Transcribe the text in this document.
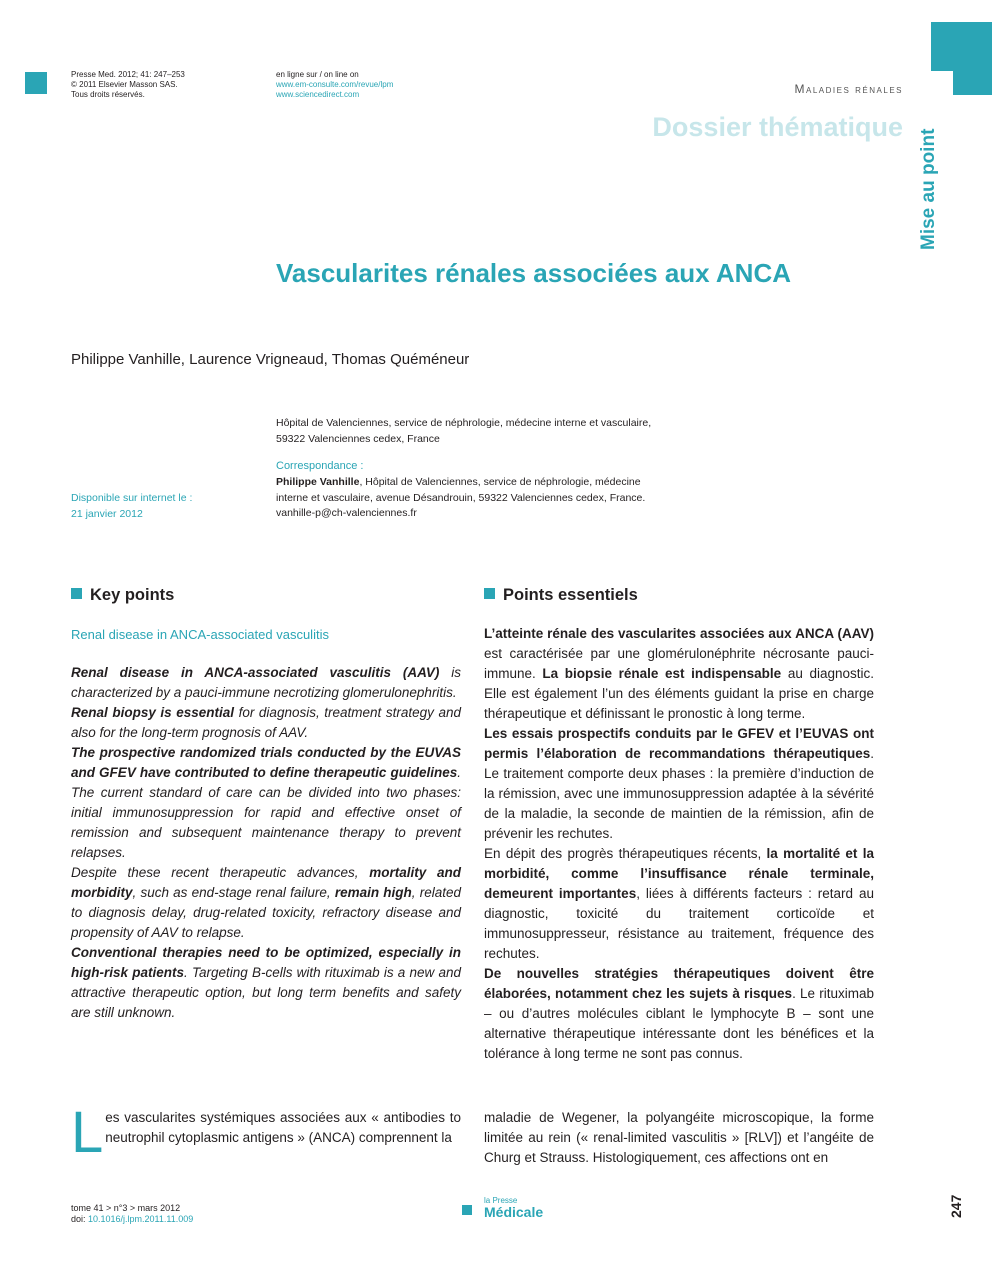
Presse Med. 2012; 41: 247–253
© 2011 Elsevier Masson SAS.
Tous droits réservés.
en ligne sur / on line on
www.em-consulte.com/revue/lpm
www.sciencedirect.com	Maladies rénales
Dossier thématique
Mise au point
Vascularites rénales associées aux ANCA
Philippe Vanhille, Laurence Vrigneaud, Thomas Quéméneur
Hôpital de Valenciennes, service de néphrologie, médecine interne et vasculaire,
59322 Valenciennes cedex, France
Correspondance :
Philippe Vanhille, Hôpital de Valenciennes, service de néphrologie, médecine
interne et vasculaire, avenue Désandrouin, 59322 Valenciennes cedex, France.
vanhille-p@ch-valenciennes.fr
Disponible sur internet le :
21 janvier 2012
Key points	Points essentiels
Renal disease in ANCA-associated vasculitis

Renal disease in ANCA-associated vasculitis (AAV) is characterized by a pauci-immune necrotizing glomerulonephritis.

Renal biopsy is essential for diagnosis, treatment strategy and also for the long-term prognosis of AAV.

The prospective randomized trials conducted by the EUVAS and GFEV have contributed to define therapeutic guidelines. The current standard of care can be divided into two phases: initial immunosuppression for rapid and effective onset of remission and subsequent maintenance therapy to prevent relapses.

Despite these recent therapeutic advances, mortality and morbidity, such as end-stage renal failure, remain high, related to diagnosis delay, drug-related toxicity, refractory disease and propensity of AAV to relapse.

Conventional therapies need to be optimized, especially in high-risk patients. Targeting B-cells with rituximab is a new and attractive therapeutic option, but long term benefits and safety are still unknown.

L’atteinte rénale des vascularites associées aux ANCA (AAV) est caractérisée par une glomérulonéphrite nécrosante pauci-immune. La biopsie rénale est indispensable au diagnostic. Elle est également l’un des éléments guidant la prise en charge thérapeutique et définissant le pronostic à long terme.

Les essais prospectifs conduits par le GFEV et l’EUVAS ont permis l’élaboration de recommandations thérapeutiques. Le traitement comporte deux phases : la première d’induction de la rémission, avec une immunosuppression adaptée à la sévérité de la maladie, la seconde de maintien de la rémission, afin de prévenir les rechutes.

En dépit des progrès thérapeutiques récents, la mortalité et la morbidité, comme l’insuffisance rénale terminale, demeurent importantes, liées à différents facteurs : retard au diagnostic, toxicité du traitement corticoïde et immunosuppresseur, résistance au traitement, fréquence des rechutes.

De nouvelles stratégies thérapeutiques doivent être élaborées, notamment chez les sujets à risques. Le rituximab – ou d’autres molécules ciblant le lymphocyte B – sont une alternative thérapeutique intéressante dont les bénéfices et la tolérance à long terme ne sont pas connus.

Les vascularites systémiques associées aux « antibodies to neutrophil cytoplasmic antigens » (ANCA) comprennent la
maladie de Wegener, la polyangéite microscopique, la forme limitée au rein (« renal-limited vasculitis » [RLV]) et l’angéite de Churg et Strauss. Histologiquement, ces affections ont en
tome 41 > n°3 > mars 2012
doi: 10.1016/j.lpm.2011.11.009
la Presse
Médicale	247
